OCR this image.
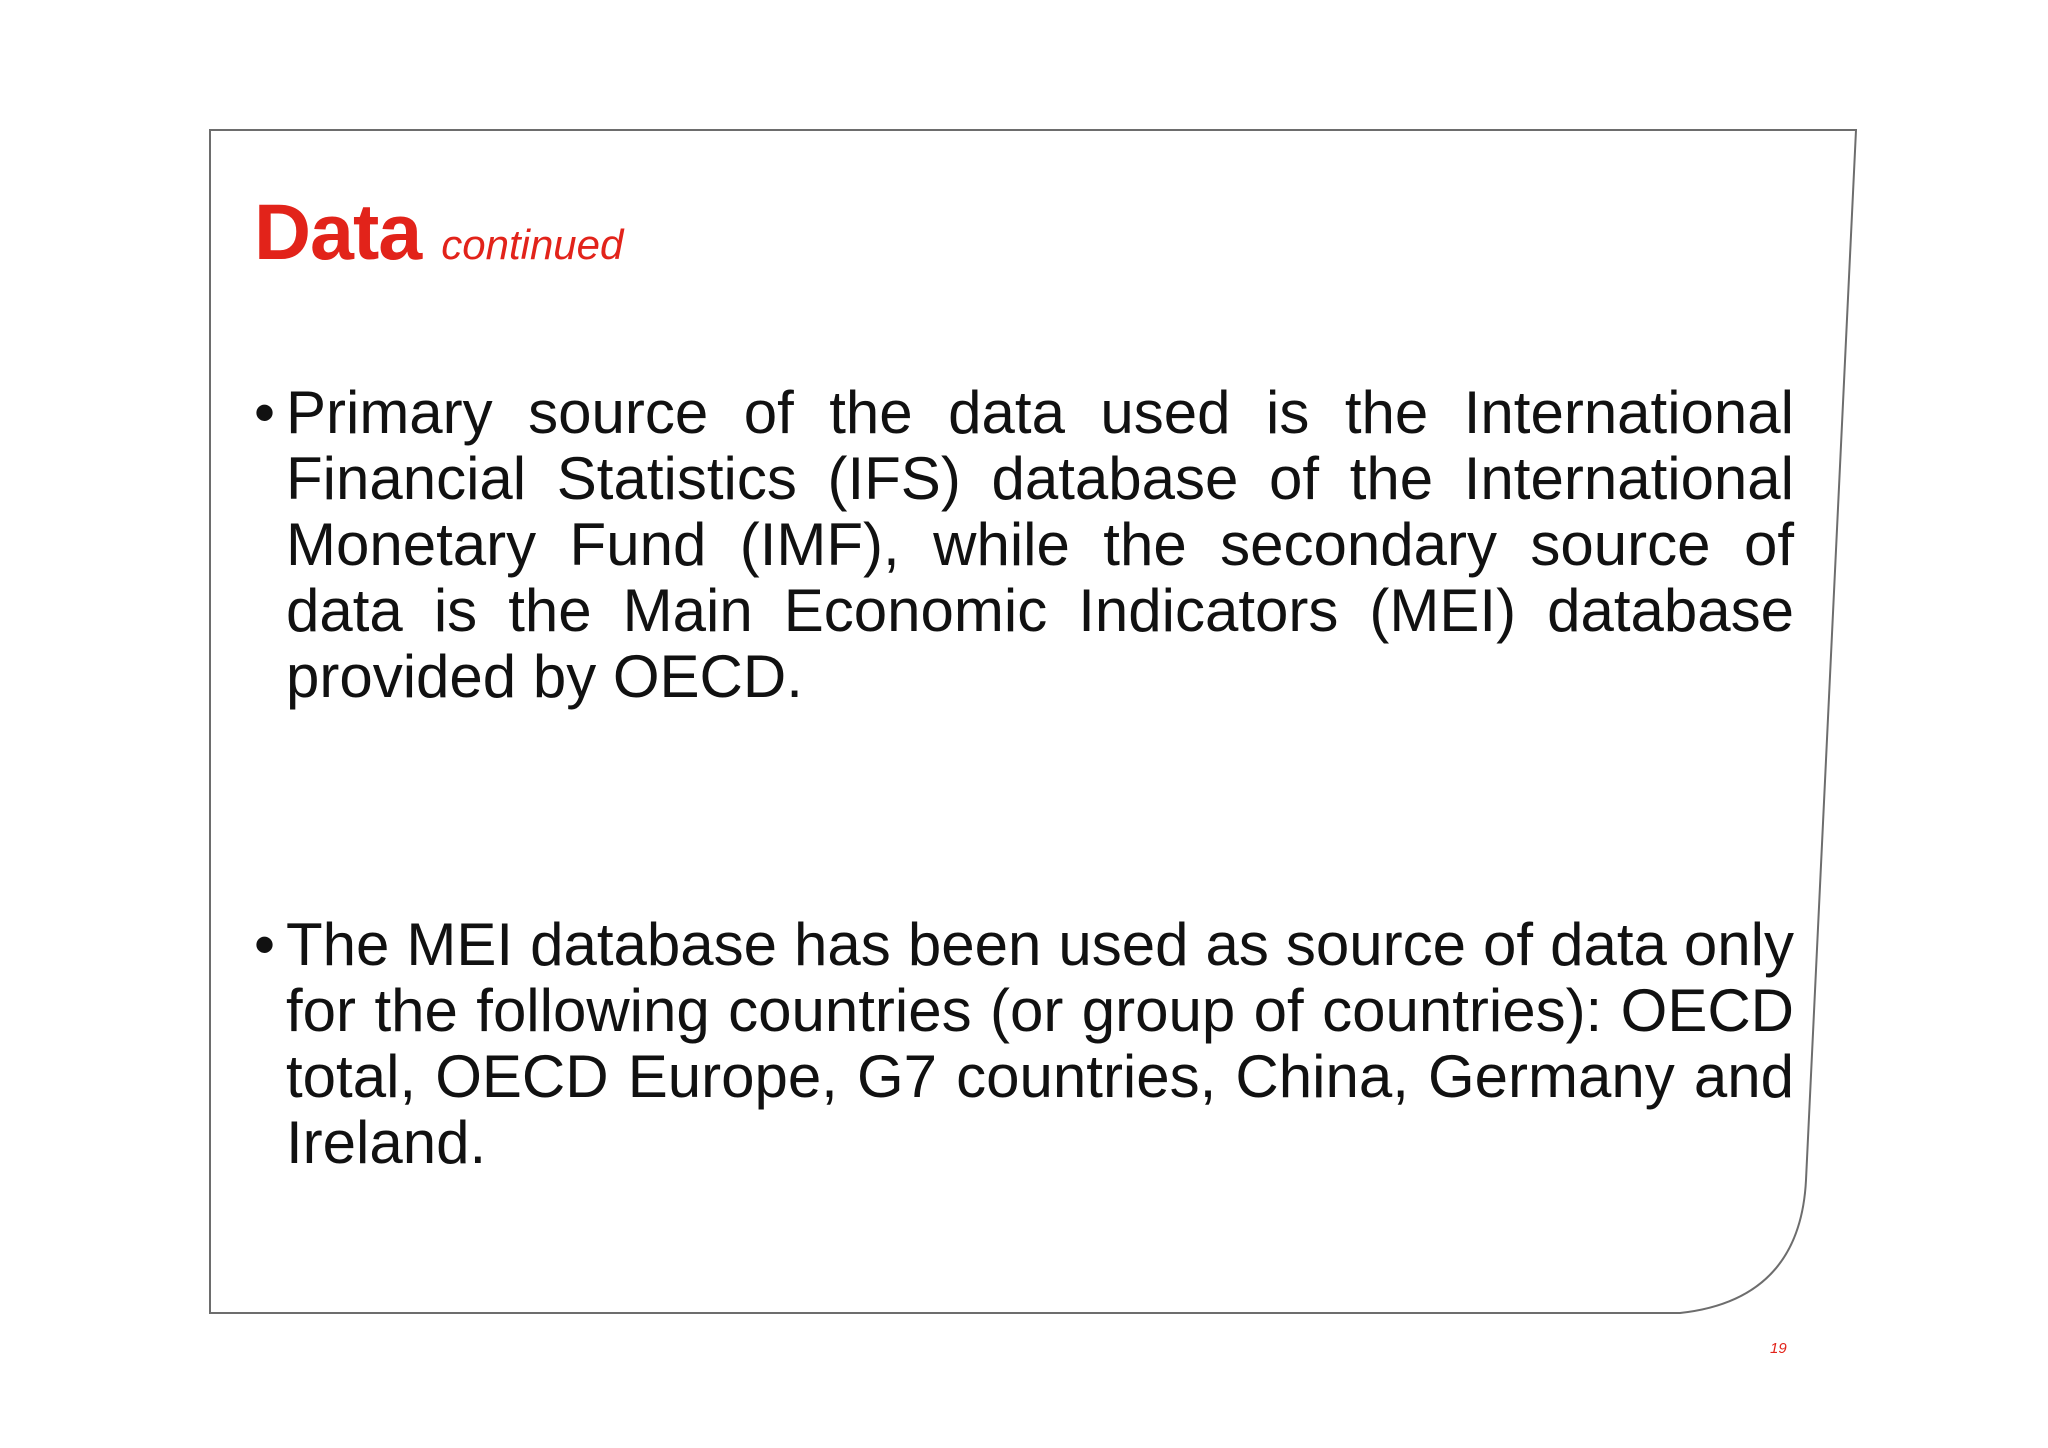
Data continued
• Primary source of the data used is the International Financial Statistics (IFS) database of the International Monetary Fund (IMF), while the secondary source of data is the Main Economic Indicators (MEI) database provided by OECD.
• The MEI database has been used as source of data only for the following countries (or group of countries): OECD total, OECD Europe, G7 countries, China, Germany and Ireland.
19
